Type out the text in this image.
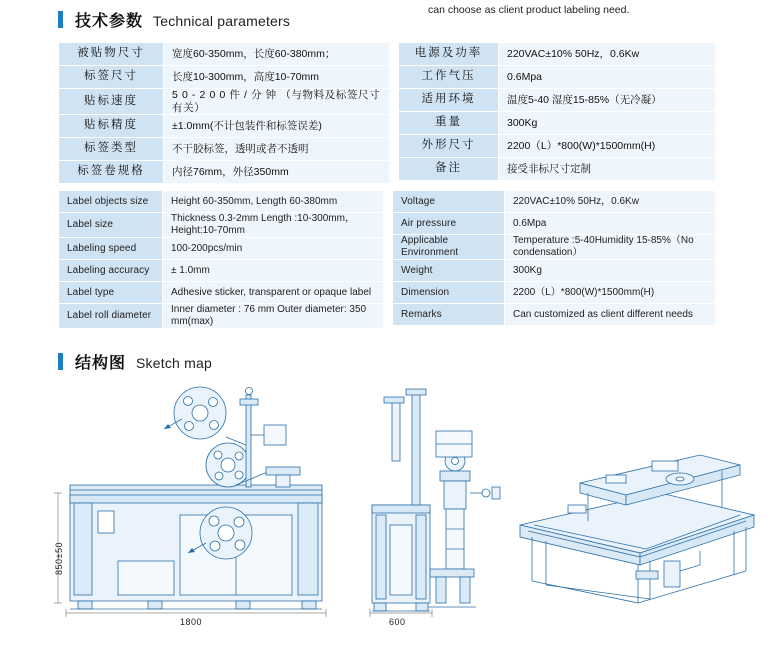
can choose as client product labeling need.
技术参数 Technical parameters
被贴物尺寸	宽度60-350mm，长度60-380mm；
标签尺寸	长度10-300mm，高度10-70mm
贴标速度	5 0 - 2 0 0 件 / 分 钟 （与物料及标签尺寸有关）
贴标精度	±1.0mm(不计包装件和标签误差)
标签类型	不干胶标签，透明或者不透明
标签卷规格	内径76mm，外径350mm
电源及功率	220VAC±10% 50Hz，0.6Kw
工作气压	0.6Mpa
适用环境	温度5-40 湿度15-85%（无冷凝）
重量	300Kg
外形尺寸	2200（L）*800(W)*1500mm(H)
备注	接受非标尺寸定制
Label objects size	Height 60-350mm, Length 60-380mm
Label size	Thickness 0.3-2mm Length :10-300mm，Height:10-70mm
Labeling speed	100-200pcs/min
Labeling accuracy	± 1.0mm
Label type	Adhesive sticker, transparent or opaque label
Label roll diameter	Inner diameter : 76 mm Outer diameter: 350 mm(max)
Voltage	220VAC±10% 50Hz，0.6Kw
Air pressure	0.6Mpa
Applicable Environment	Temperature :5-40Humidity 15-85%（No condensation）
Weight	300Kg
Dimension	2200（L）*800(W)*1500mm(H)
Remarks	Can customized as client different needs
结构图 Sketch map
1800
850±50
600
